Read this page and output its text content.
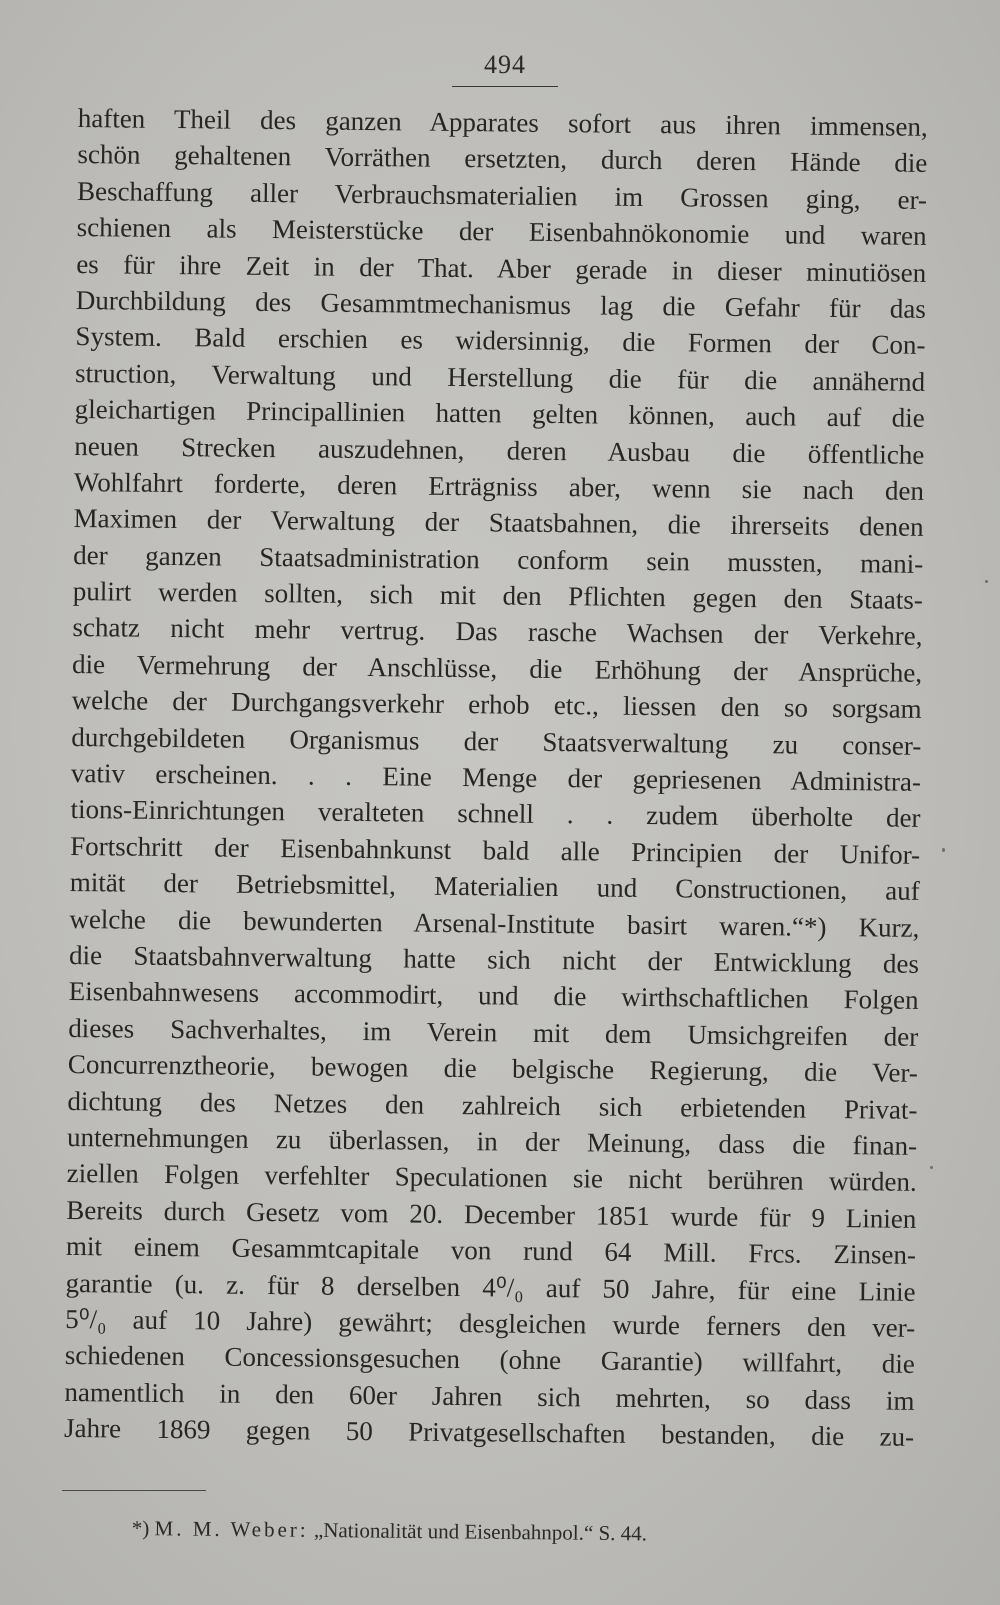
494
haften Theil des ganzen Apparates sofort aus ihren immensen,
schön gehaltenen Vorräthen ersetzten, durch deren Hände die
Beschaffung aller Verbrauchsmaterialien im Grossen ging, er-
schienen als Meisterstücke der Eisenbahnökonomie und waren
es für ihre Zeit in der That. Aber gerade in dieser minutiösen
Durchbildung des Gesammtmechanismus lag die Gefahr für das
System. Bald erschien es widersinnig, die Formen der Con-
struction, Verwaltung und Herstellung die für die annähernd
gleichartigen Principallinien hatten gelten können, auch auf die
neuen Strecken auszudehnen, deren Ausbau die öffentliche
Wohlfahrt forderte, deren Erträgniss aber, wenn sie nach den
Maximen der Verwaltung der Staatsbahnen, die ihrerseits denen
der ganzen Staatsadministration conform sein mussten, mani-
pulirt werden sollten, sich mit den Pflichten gegen den Staats-
schatz nicht mehr vertrug. Das rasche Wachsen der Verkehre,
die Vermehrung der Anschlüsse, die Erhöhung der Ansprüche,
welche der Durchgangsverkehr erhob etc., liessen den so sorgsam
durchgebildeten Organismus der Staatsverwaltung zu conser-
vativ erscheinen. . . Eine Menge der gepriesenen Administra-
tions-Einrichtungen veralteten schnell . . zudem überholte der
Fortschritt der Eisenbahnkunst bald alle Principien der Unifor-
mität der Betriebsmittel, Materialien und Constructionen, auf
welche die bewunderten Arsenal-Institute basirt waren.“*) Kurz,
die Staatsbahnverwaltung hatte sich nicht der Entwicklung des
Eisenbahnwesens accommodirt, und die wirthschaftlichen Folgen
dieses Sachverhaltes, im Verein mit dem Umsichgreifen der
Concurrenztheorie, bewogen die belgische Regierung, die Ver-
dichtung des Netzes den zahlreich sich erbietenden Privat-
unternehmungen zu überlassen, in der Meinung, dass die finan-
ziellen Folgen verfehlter Speculationen sie nicht berühren würden.
Bereits durch Gesetz vom 20. December 1851 wurde für 9 Linien
mit einem Gesammtcapitale von rund 64 Mill. Frcs. Zinsen-
garantie (u. z. für 8 derselben 4⁰/₀ auf 50 Jahre, für eine Linie
5⁰/₀ auf 10 Jahre) gewährt; desgleichen wurde ferners den ver-
schiedenen Concessionsgesuchen (ohne Garantie) willfahrt, die
namentlich in den 60er Jahren sich mehrten, so dass im
Jahre 1869 gegen 50 Privatgesellschaften bestanden, die zu-
*) M. M. Weber: „Nationalität und Eisenbahnpol.“ S. 44.
